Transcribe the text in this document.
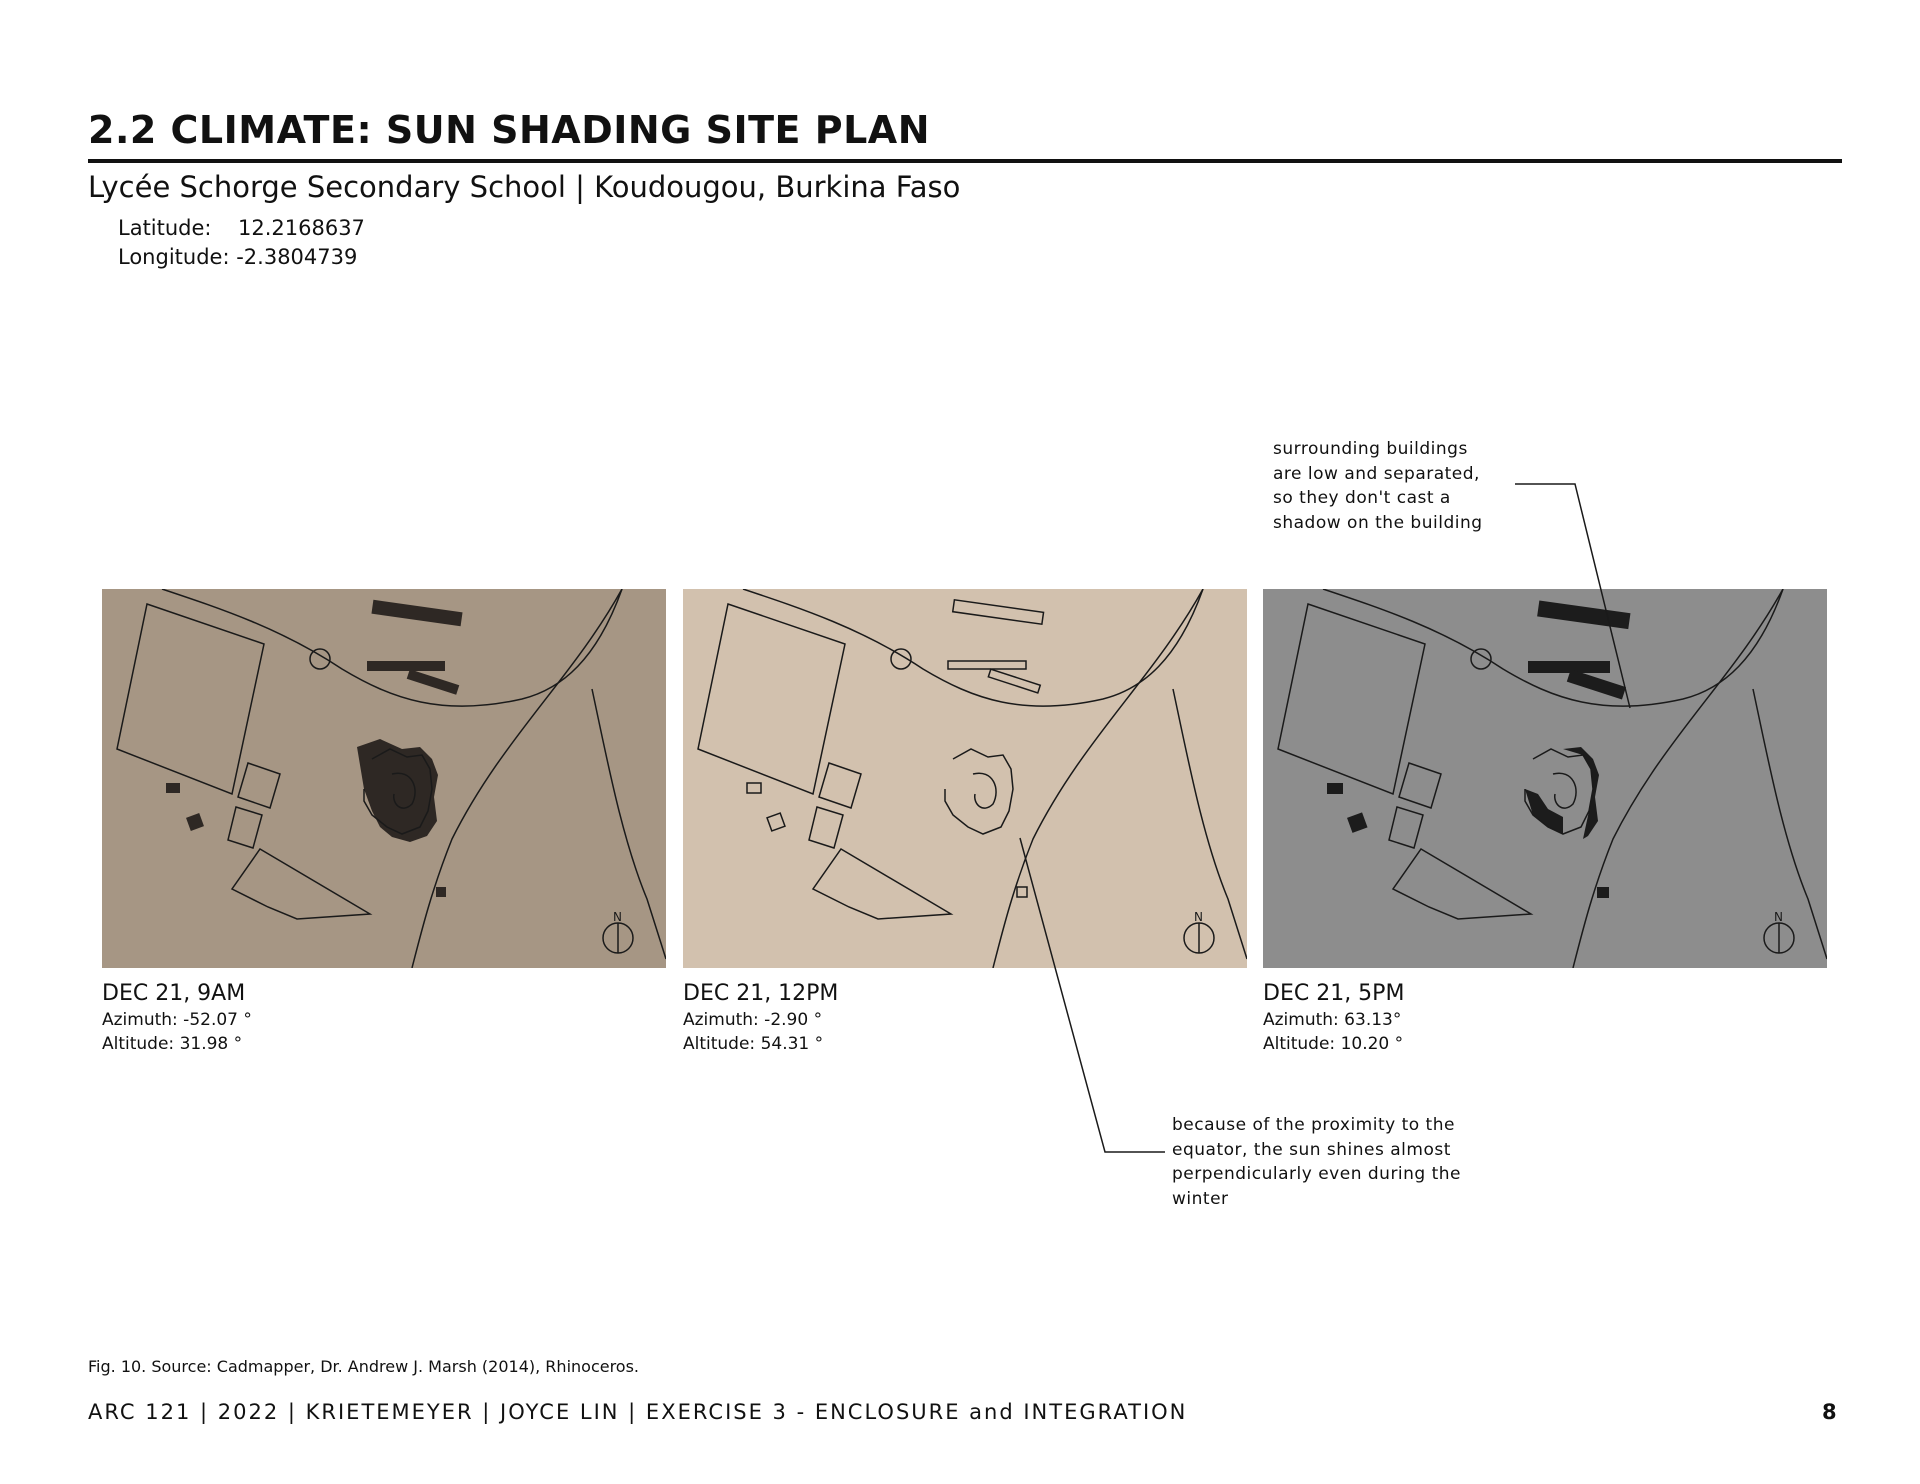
2.2 CLIMATE: SUN SHADING SITE PLAN
Lycée Schorge Secondary School | Koudougou, Burkina Faso
Latitude: 12.2168637
Longitude: -2.3804739
N	N	N
DEC 21, 9AM
Azimuth: -52.07 °
Altitude: 31.98 °
DEC 21, 12PM
Azimuth: -2.90 °
Altitude: 54.31 °
DEC 21, 5PM
Azimuth: 63.13°
Altitude: 10.20 °
surrounding buildings
are low and separated,
so they don't cast a
shadow on the building
because of the proximity to the
equator, the sun shines almost
perpendicularly even during the
winter
Fig. 10. Source: Cadmapper, Dr. Andrew J. Marsh (2014), Rhinoceros.
ARC 121 | 2022 | KRIETEMEYER | JOYCE LIN | EXERCISE 3 - ENCLOSURE and INTEGRATION	8
